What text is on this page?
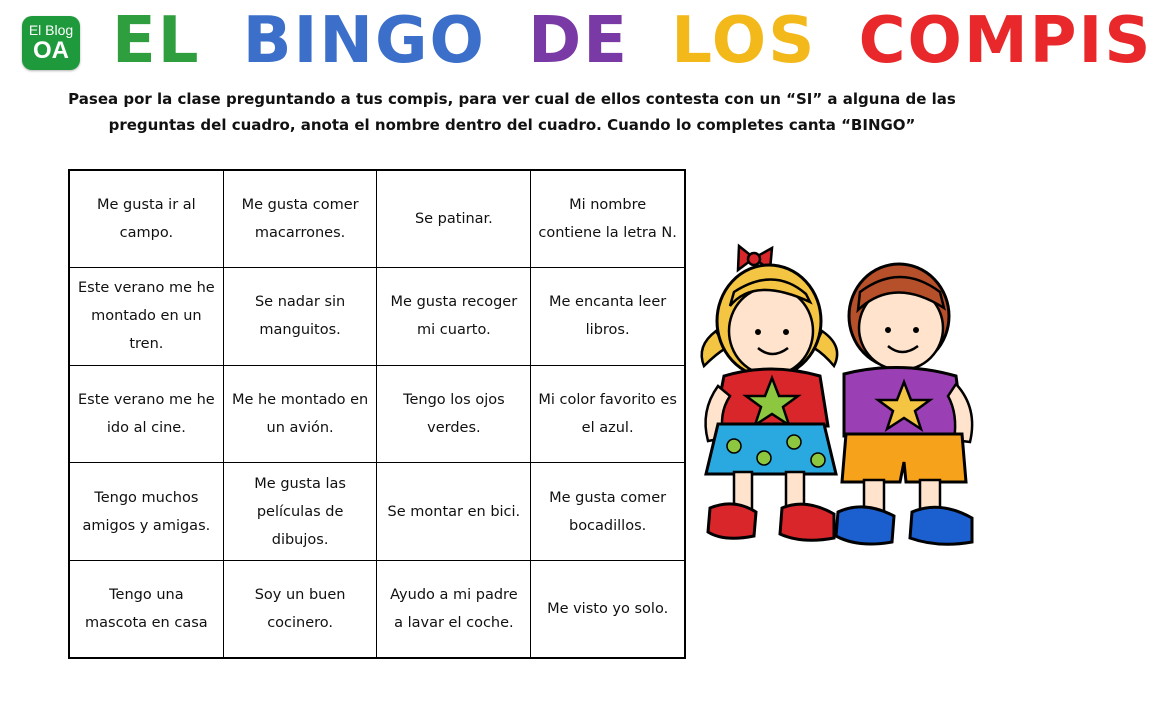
El Blog
OA EL BINGO DE LOS COMPIS
Pasea por la clase preguntando a tus compis, para ver cual de ellos contesta con un “SI” a alguna de las
preguntas del cuadro, anota el nombre dentro del cuadro. Cuando lo completes canta “BINGO”
Me gusta ir al campo.	Me gusta comer macarrones.	Se patinar.	Mi nombre contiene la letra N.
Este verano me he montado en un tren.	Se nadar sin manguitos.	Me gusta recoger mi cuarto.	Me encanta leer libros.
Este verano me he ido al cine.	Me he montado en un avión.	Tengo los ojos verdes.	Mi color favorito es el azul.
Tengo muchos amigos y amigas.	Me gusta las películas de dibujos.	Se montar en bici.	Me gusta comer bocadillos.
Tengo una mascota en casa	Soy un buen cocinero.	Ayudo a mi padre a lavar el coche.	Me visto yo solo.
